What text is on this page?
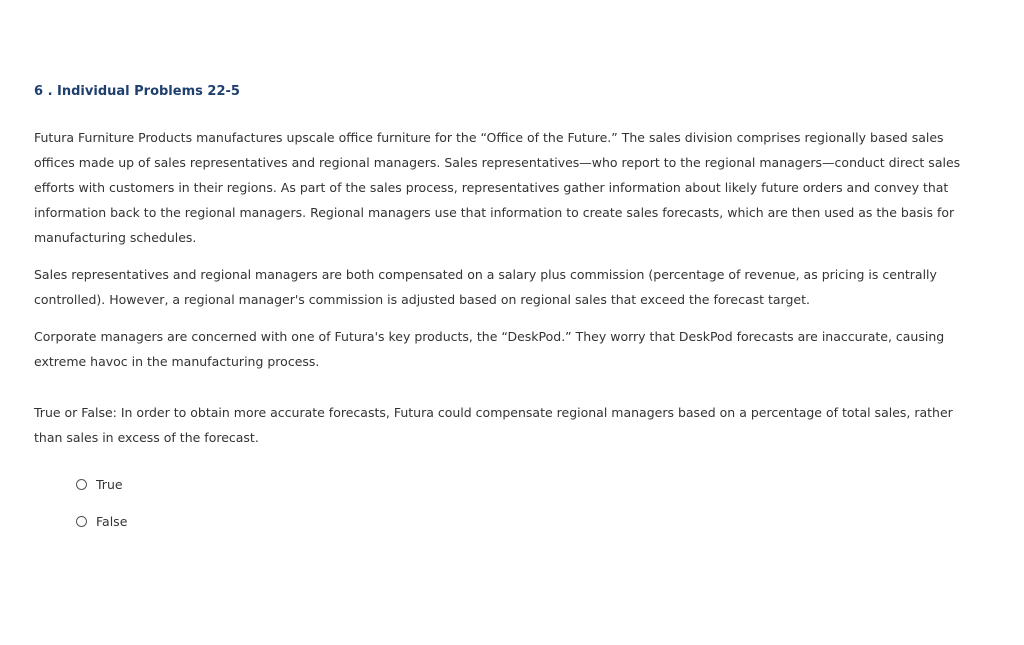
6 . Individual Problems 22-5

Futura Furniture Products manufactures upscale office furniture for the “Office of the Future.” The sales division comprises regionally based sales offices made up of sales representatives and regional managers. Sales representatives—who report to the regional managers—conduct direct sales efforts with customers in their regions. As part of the sales process, representatives gather information about likely future orders and convey that information back to the regional managers. Regional managers use that information to create sales forecasts, which are then used as the basis for manufacturing schedules.

Sales representatives and regional managers are both compensated on a salary plus commission (percentage of revenue, as pricing is centrally controlled). However, a regional manager's commission is adjusted based on regional sales that exceed the forecast target.

Corporate managers are concerned with one of Futura's key products, the “DeskPod.” They worry that DeskPod forecasts are inaccurate, causing extreme havoc in the manufacturing process.

True or False: In order to obtain more accurate forecasts, Futura could compensate regional managers based on a percentage of total sales, rather than sales in excess of the forecast.

True
False
